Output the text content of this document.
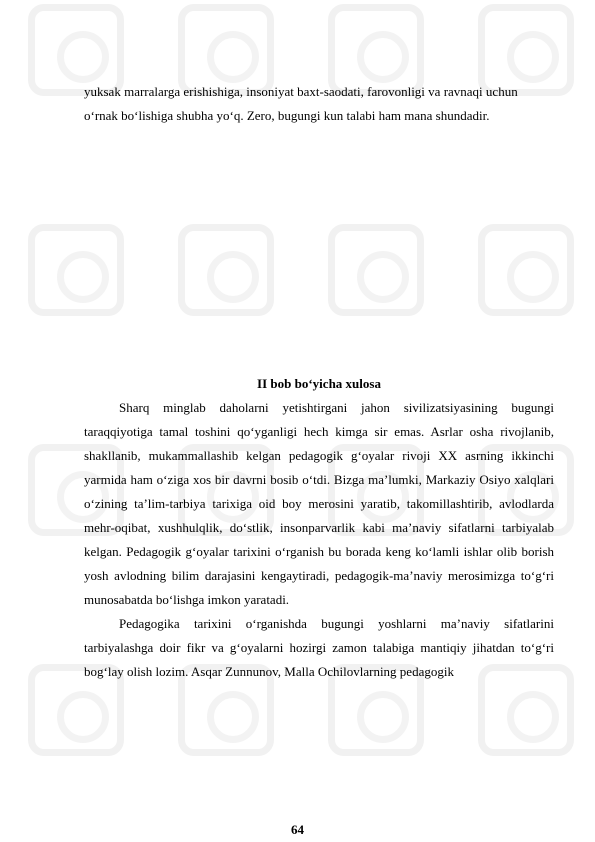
yuksak marralarga erishishiga, insoniyat baxt-saodati, farovonligi va ravnaqi uchun o‘rnak bo‘lishiga shubha yo‘q. Zero, bugungi kun talabi ham mana shundadir.

II bob bo‘yicha xulosa

Sharq minglab daholarni yetishtirgani jahon sivilizatsiyasining bugungi taraqqiyotiga tamal toshini qo‘yganligi hech kimga sir emas. Asrlar osha rivojlanib, shakllanib, mukammallashib kelgan pedagogik g‘oyalar rivoji XX asrning ikkinchi yarmida ham o‘ziga xos bir davrni bosib o‘tdi. Bizga ma’lumki, Markaziy Osiyo xalqlari o‘zining ta’lim-tarbiya tarixiga oid boy merosini yaratib, takomillashtirib, avlodlarda mehr-oqibat, xushhulqlik, do‘stlik, insonparvarlik kabi ma’naviy sifatlarni tarbiyalab kelgan. Pedagogik g‘oyalar tarixini o‘rganish bu borada keng ko‘lamli ishlar olib borish yosh avlodning bilim darajasini kengaytiradi, pedagogik-ma’naviy merosimizga to‘g‘ri munosabatda bo‘lishga imkon yaratadi.

Pedagogika tarixini o‘rganishda bugungi yoshlarni ma’naviy sifatlarini tarbiyalashga doir fikr va g‘oyalarni hozirgi zamon talabiga mantiqiy jihatdan to‘g‘ri bog‘lay olish lozim. Asqar Zunnunov, Malla Ochilovlarning pedagogik

64
